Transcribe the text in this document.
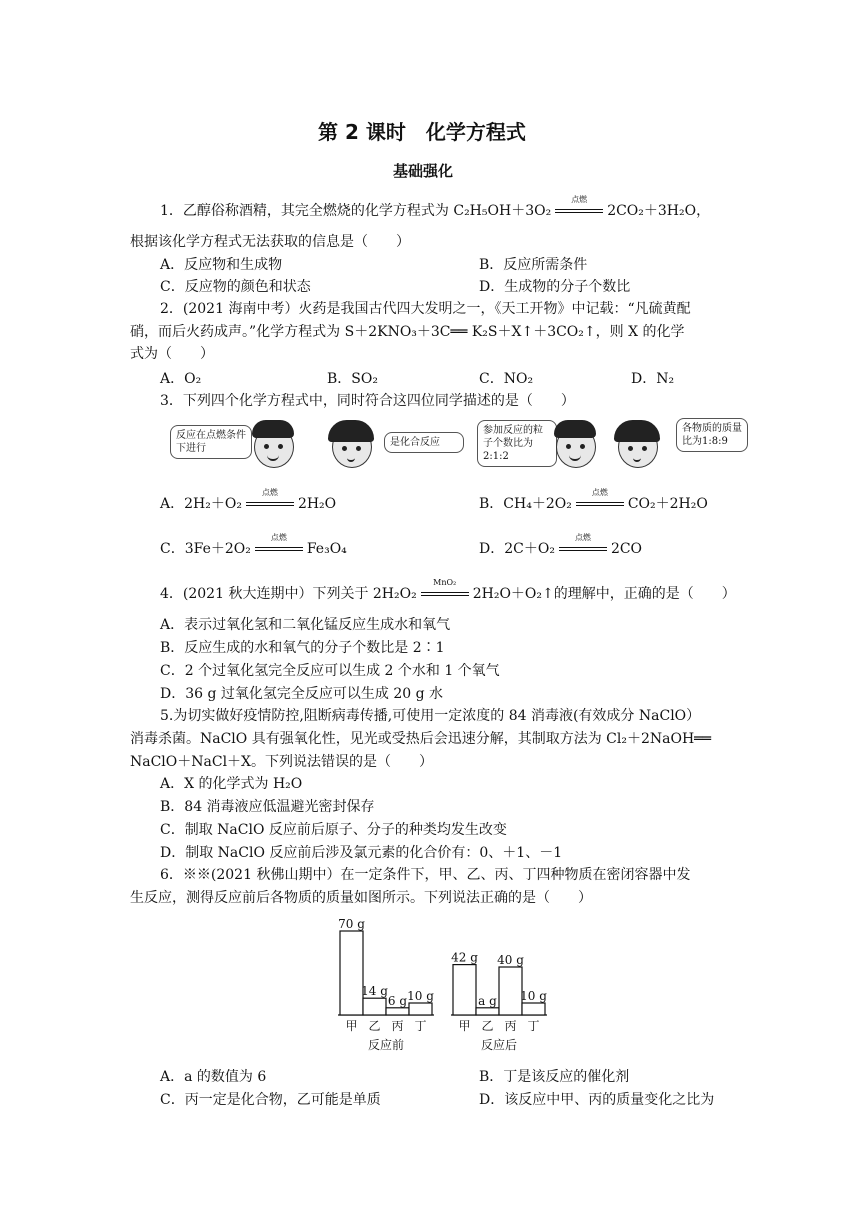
第 2 课时　化学方程式
基础强化
1．乙醇俗称酒精，其完全燃烧的化学方程式为 C₂H₅OH＋3O₂
点燃
2CO₂＋3H₂O，
根据该化学方程式无法获取的信息是（　　）
A．反应物和生成物	B．反应所需条件
C．反应物的颜色和状态	D．生成物的分子个数比
2．(2021 海南中考）火药是我国古代四大发明之一，《天工开物》中记载：“凡硫黄配
硝，而后火药成声。”化学方程式为 S＋2KNO₃＋3C══ K₂S＋X↑＋3CO₂↑，则 X 的化学
式为（　　）
A．O₂	B．SO₂	C．NO₂	D．N₂
3．下列四个化学方程式中，同时符合这四位同学描述的是（　　）
反应在点燃条件下进行
是化合反应
参加反应的粒子个数比为2:1:2
各物质的质量比为1:8:9
A．2H₂＋O₂
点燃
2H₂O	B．CH₄＋2O₂
点燃
CO₂＋2H₂O
C．3Fe＋2O₂
点燃
Fe₃O₄	D．2C＋O₂
点燃
2CO
4．(2021 秋大连期中）下列关于 2H₂O₂
MnO₂
2H₂O＋O₂↑的理解中，正确的是（　　）
A．表示过氧化氢和二氧化锰反应生成水和氧气
B．反应生成的水和氧气的分子个数比是 2∶1
C．2 个过氧化氢完全反应可以生成 2 个水和 1 个氧气
D．36 g 过氧化氢完全反应可以生成 20 g 水
5.为切实做好疫情防控,阻断病毒传播,可使用一定浓度的 84 消毒液(有效成分 NaClO）
消毒杀菌。NaClO 具有强氧化性，见光或受热后会迅速分解，其制取方法为 Cl₂＋2NaOH══
NaClO＋NaCl＋X。下列说法错误的是（　　）
A．X 的化学式为 H₂O
B．84 消毒液应低温避光密封保存
C．制取 NaClO 反应前后原子、分子的种类均发生改变
D．制取 NaClO 反应前后涉及氯元素的化合价有：0、＋1、－1
6．※※(2021 秋佛山期中）在一定条件下，甲、乙、丙、丁四种物质在密闭容器中发
生反应，测得反应前后各物质的质量如图所示。下列说法正确的是（　　）
70 g
甲
14 g
乙
6 g
丙
10 g
丁
反应前
42 g
甲
a g
乙
40 g
丙
10 g
丁
反应后
A．a 的数值为 6	B．丁是该反应的催化剂
C．丙一定是化合物，乙可能是单质	D．该反应中甲、丙的质量变化之比为
